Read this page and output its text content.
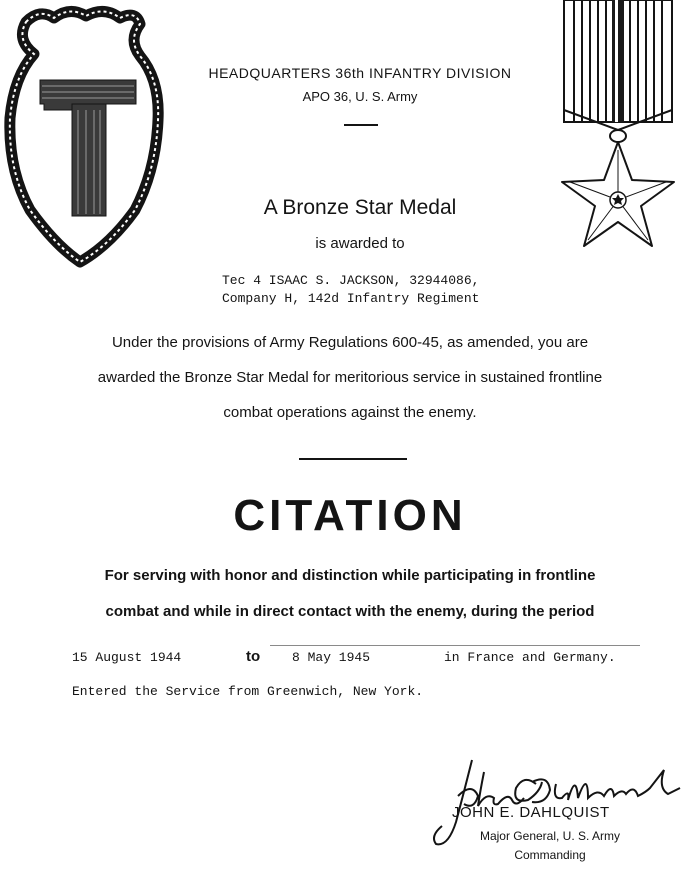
HEADQUARTERS 36th INFANTRY DIVISION
APO 36, U. S. Army
A Bronze Star Medal
is awarded to
Tec 4 ISAAC S. JACKSON, 32944086,
Company H, 142d Infantry Regiment
Under the provisions of Army Regulations 600-45, as amended, you are
awarded the Bronze Star Medal for meritorious service in sustained frontline
combat operations against the enemy.
CITATION
For serving with honor and distinction while participating in frontline
combat and while in direct contact with the enemy, during the period
15 August 1944	to 8 May 1945	in France and Germany.
Entered the Service from Greenwich, New York.
JOHN E. DAHLQUIST
Major General, U. S. Army
Commanding
